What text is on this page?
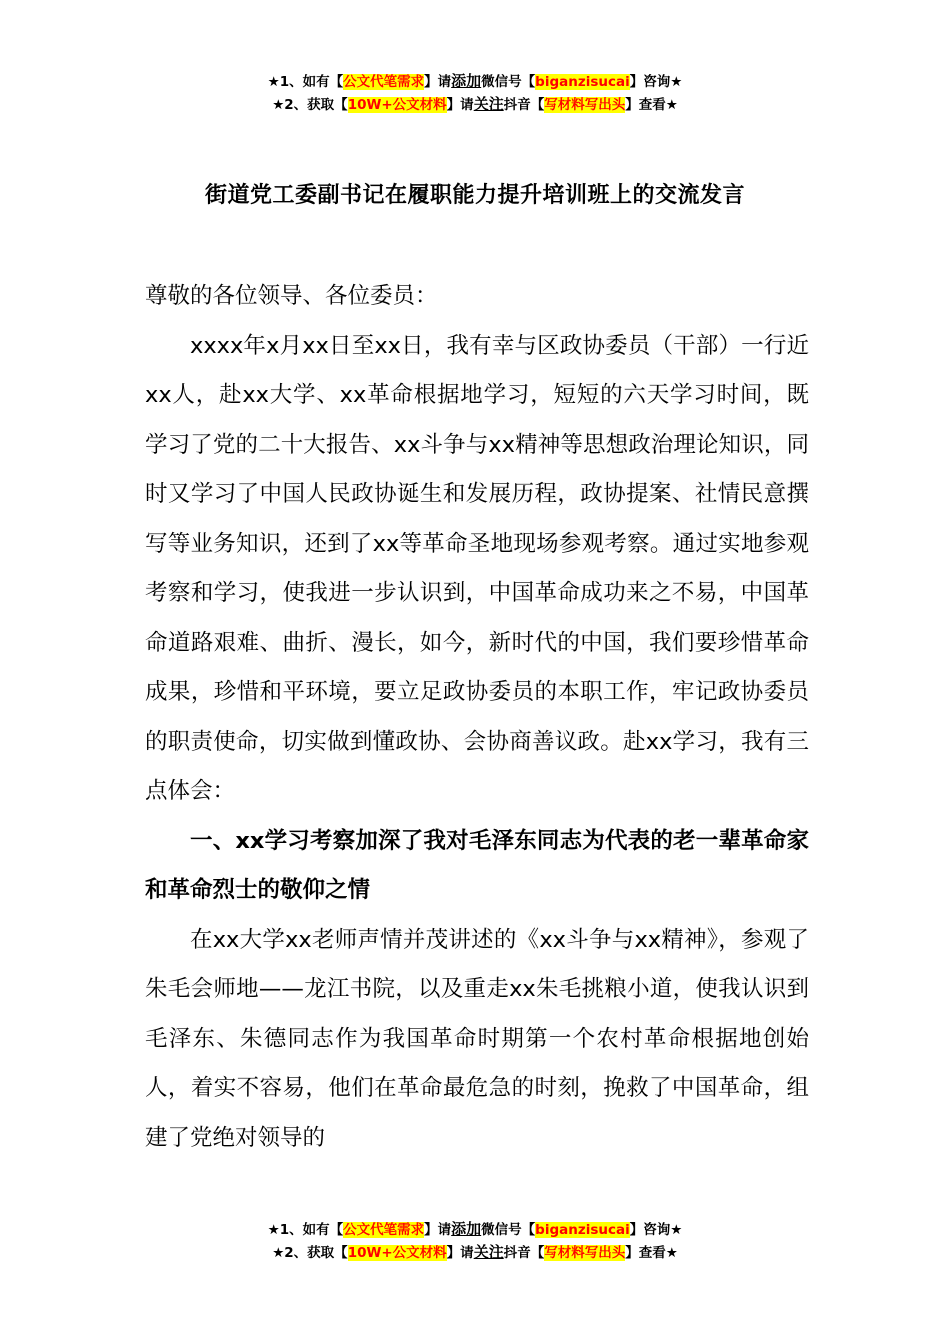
★1、如有【公文代笔需求】请添加微信号【biganzisucai】咨询★
★2、获取【10W+公文材料】请关注抖音【写材料写出头】查看★
街道党工委副书记在履职能力提升培训班上的交流发言

尊敬的各位领导、各位委员：

xxxx年x月xx日至xx日，我有幸与区政协委员（干部）一行近xx人，赴xx大学、xx革命根据地学习，短短的六天学习时间，既学习了党的二十大报告、xx斗争与xx精神等思想政治理论知识，同时又学习了中国人民政协诞生和发展历程，政协提案、社情民意撰写等业务知识，还到了xx等革命圣地现场参观考察。通过实地参观考察和学习，使我进一步认识到，中国革命成功来之不易，中国革命道路艰难、曲折、漫长，如今，新时代的中国，我们要珍惜革命成果，珍惜和平环境，要立足政协委员的本职工作，牢记政协委员的职责使命，切实做到懂政协、会协商善议政。赴xx学习，我有三点体会：

一、xx学习考察加深了我对毛泽东同志为代表的老一辈革命家和革命烈士的敬仰之情

在xx大学xx老师声情并茂讲述的《xx斗争与xx精神》，参观了朱毛会师地——龙江书院，以及重走xx朱毛挑粮小道，使我认识到毛泽东、朱德同志作为我国革命时期第一个农村革命根据地创始人，着实不容易，他们在革命最危急的时刻，挽救了中国革命，组建了党绝对领导的

★1、如有【公文代笔需求】请添加微信号【biganzisucai】咨询★
★2、获取【10W+公文材料】请关注抖音【写材料写出头】查看★
